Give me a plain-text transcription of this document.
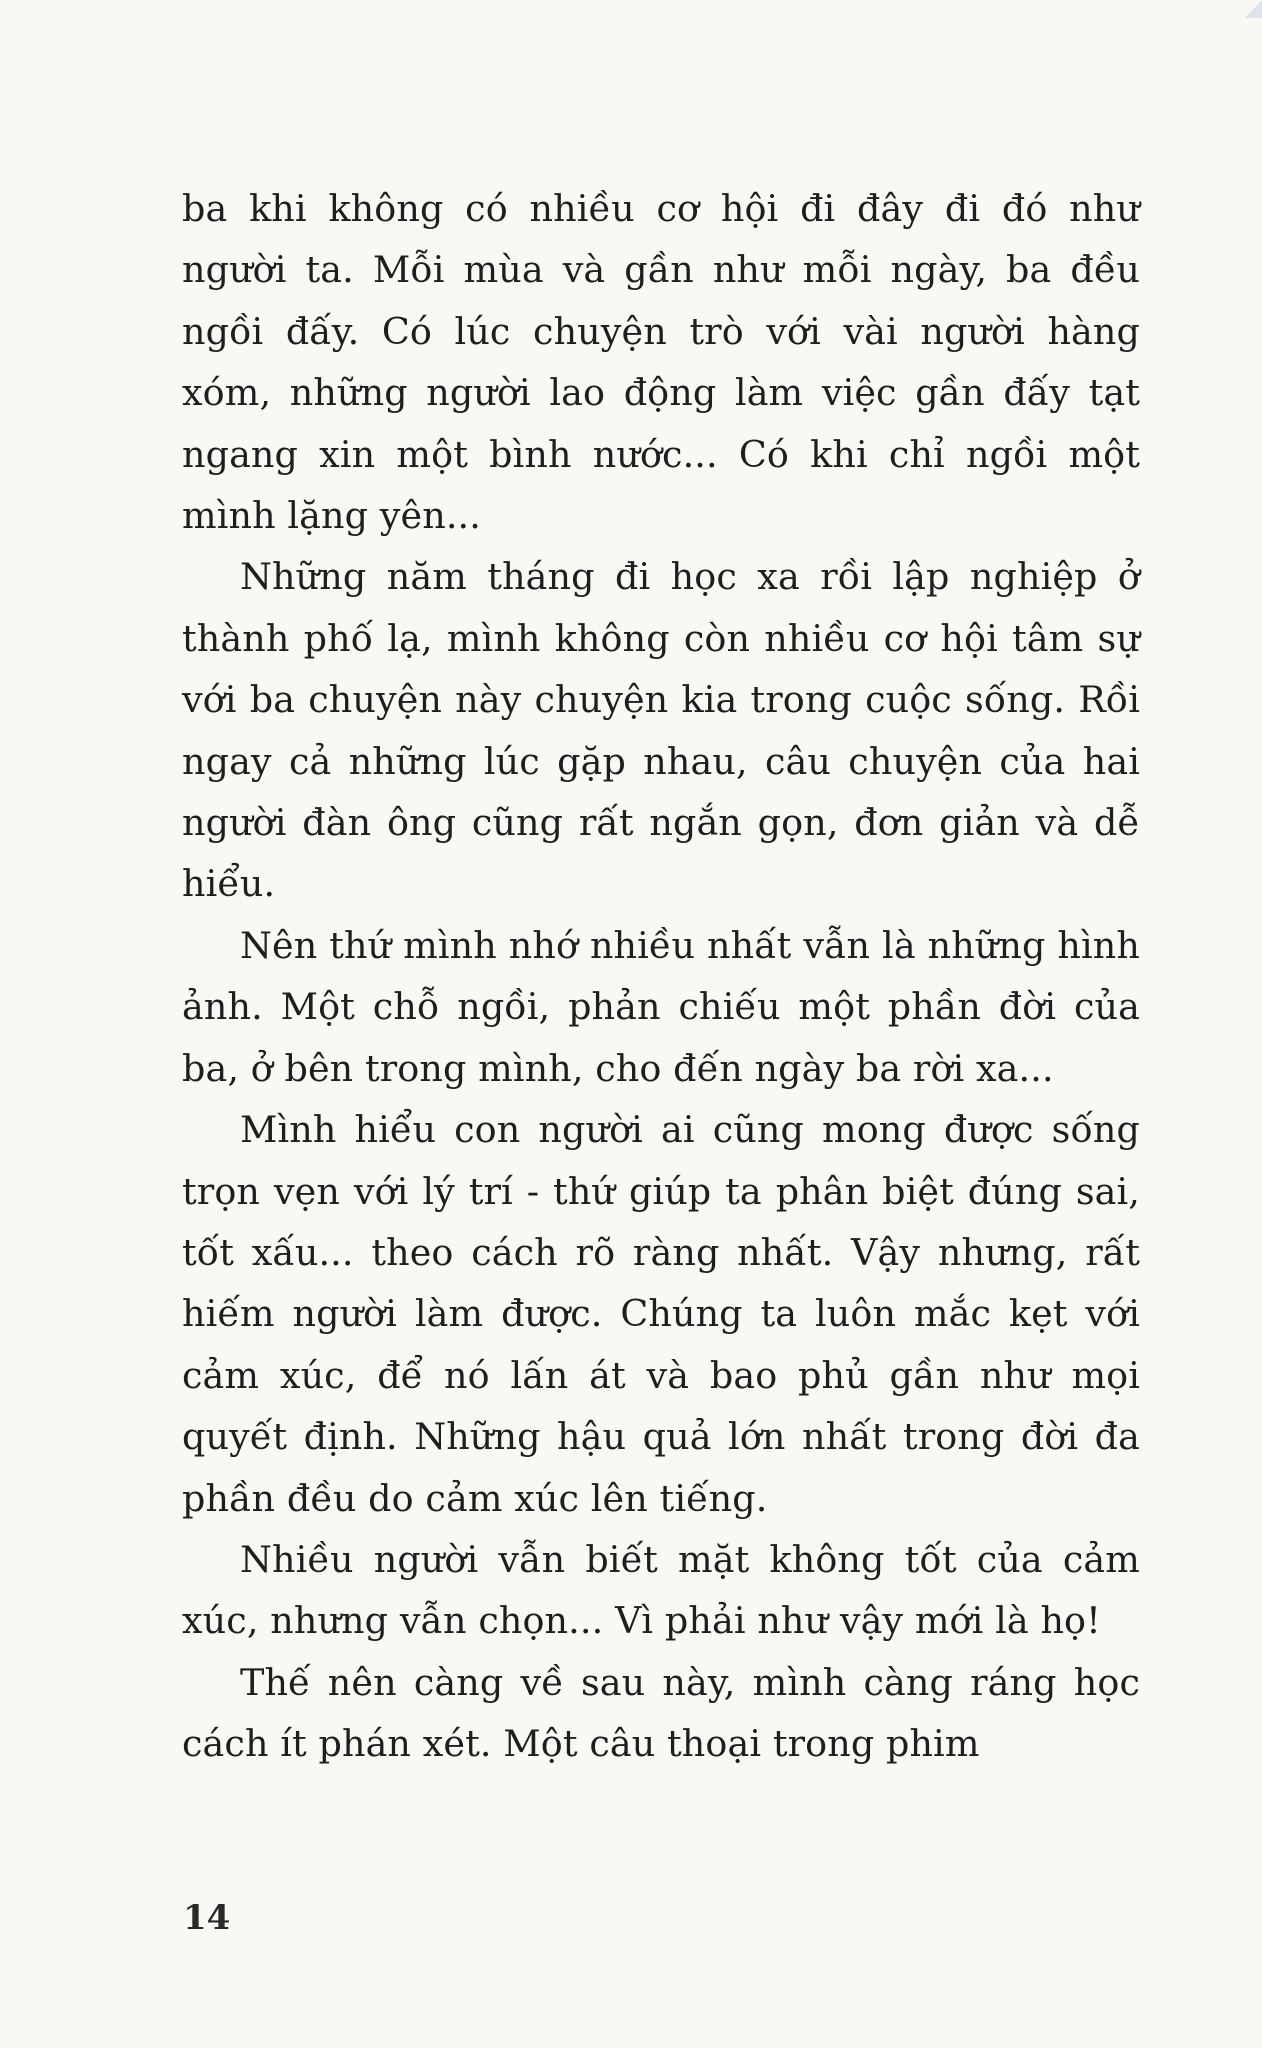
ba khi không có nhiều cơ hội đi đây đi đó như người ta. Mỗi mùa và gần như mỗi ngày, ba đều ngồi đấy. Có lúc chuyện trò với vài người hàng xóm, những người lao động làm việc gần đấy tạt ngang xin một bình nước... Có khi chỉ ngồi một mình lặng yên...

Những năm tháng đi học xa rồi lập nghiệp ở thành phố lạ, mình không còn nhiều cơ hội tâm sự với ba chuyện này chuyện kia trong cuộc sống. Rồi ngay cả những lúc gặp nhau, câu chuyện của hai người đàn ông cũng rất ngắn gọn, đơn giản và dễ hiểu.

Nên thứ mình nhớ nhiều nhất vẫn là những hình ảnh. Một chỗ ngồi, phản chiếu một phần đời của ba, ở bên trong mình, cho đến ngày ba rời xa...

Mình hiểu con người ai cũng mong được sống trọn vẹn với lý trí - thứ giúp ta phân biệt đúng sai, tốt xấu... theo cách rõ ràng nhất. Vậy nhưng, rất hiếm người làm được. Chúng ta luôn mắc kẹt với cảm xúc, để nó lấn át và bao phủ gần như mọi quyết định. Những hậu quả lớn nhất trong đời đa phần đều do cảm xúc lên tiếng.

Nhiều người vẫn biết mặt không tốt của cảm xúc, nhưng vẫn chọn... Vì phải như vậy mới là họ!

Thế nên càng về sau này, mình càng ráng học cách ít phán xét. Một câu thoại trong phim

14
